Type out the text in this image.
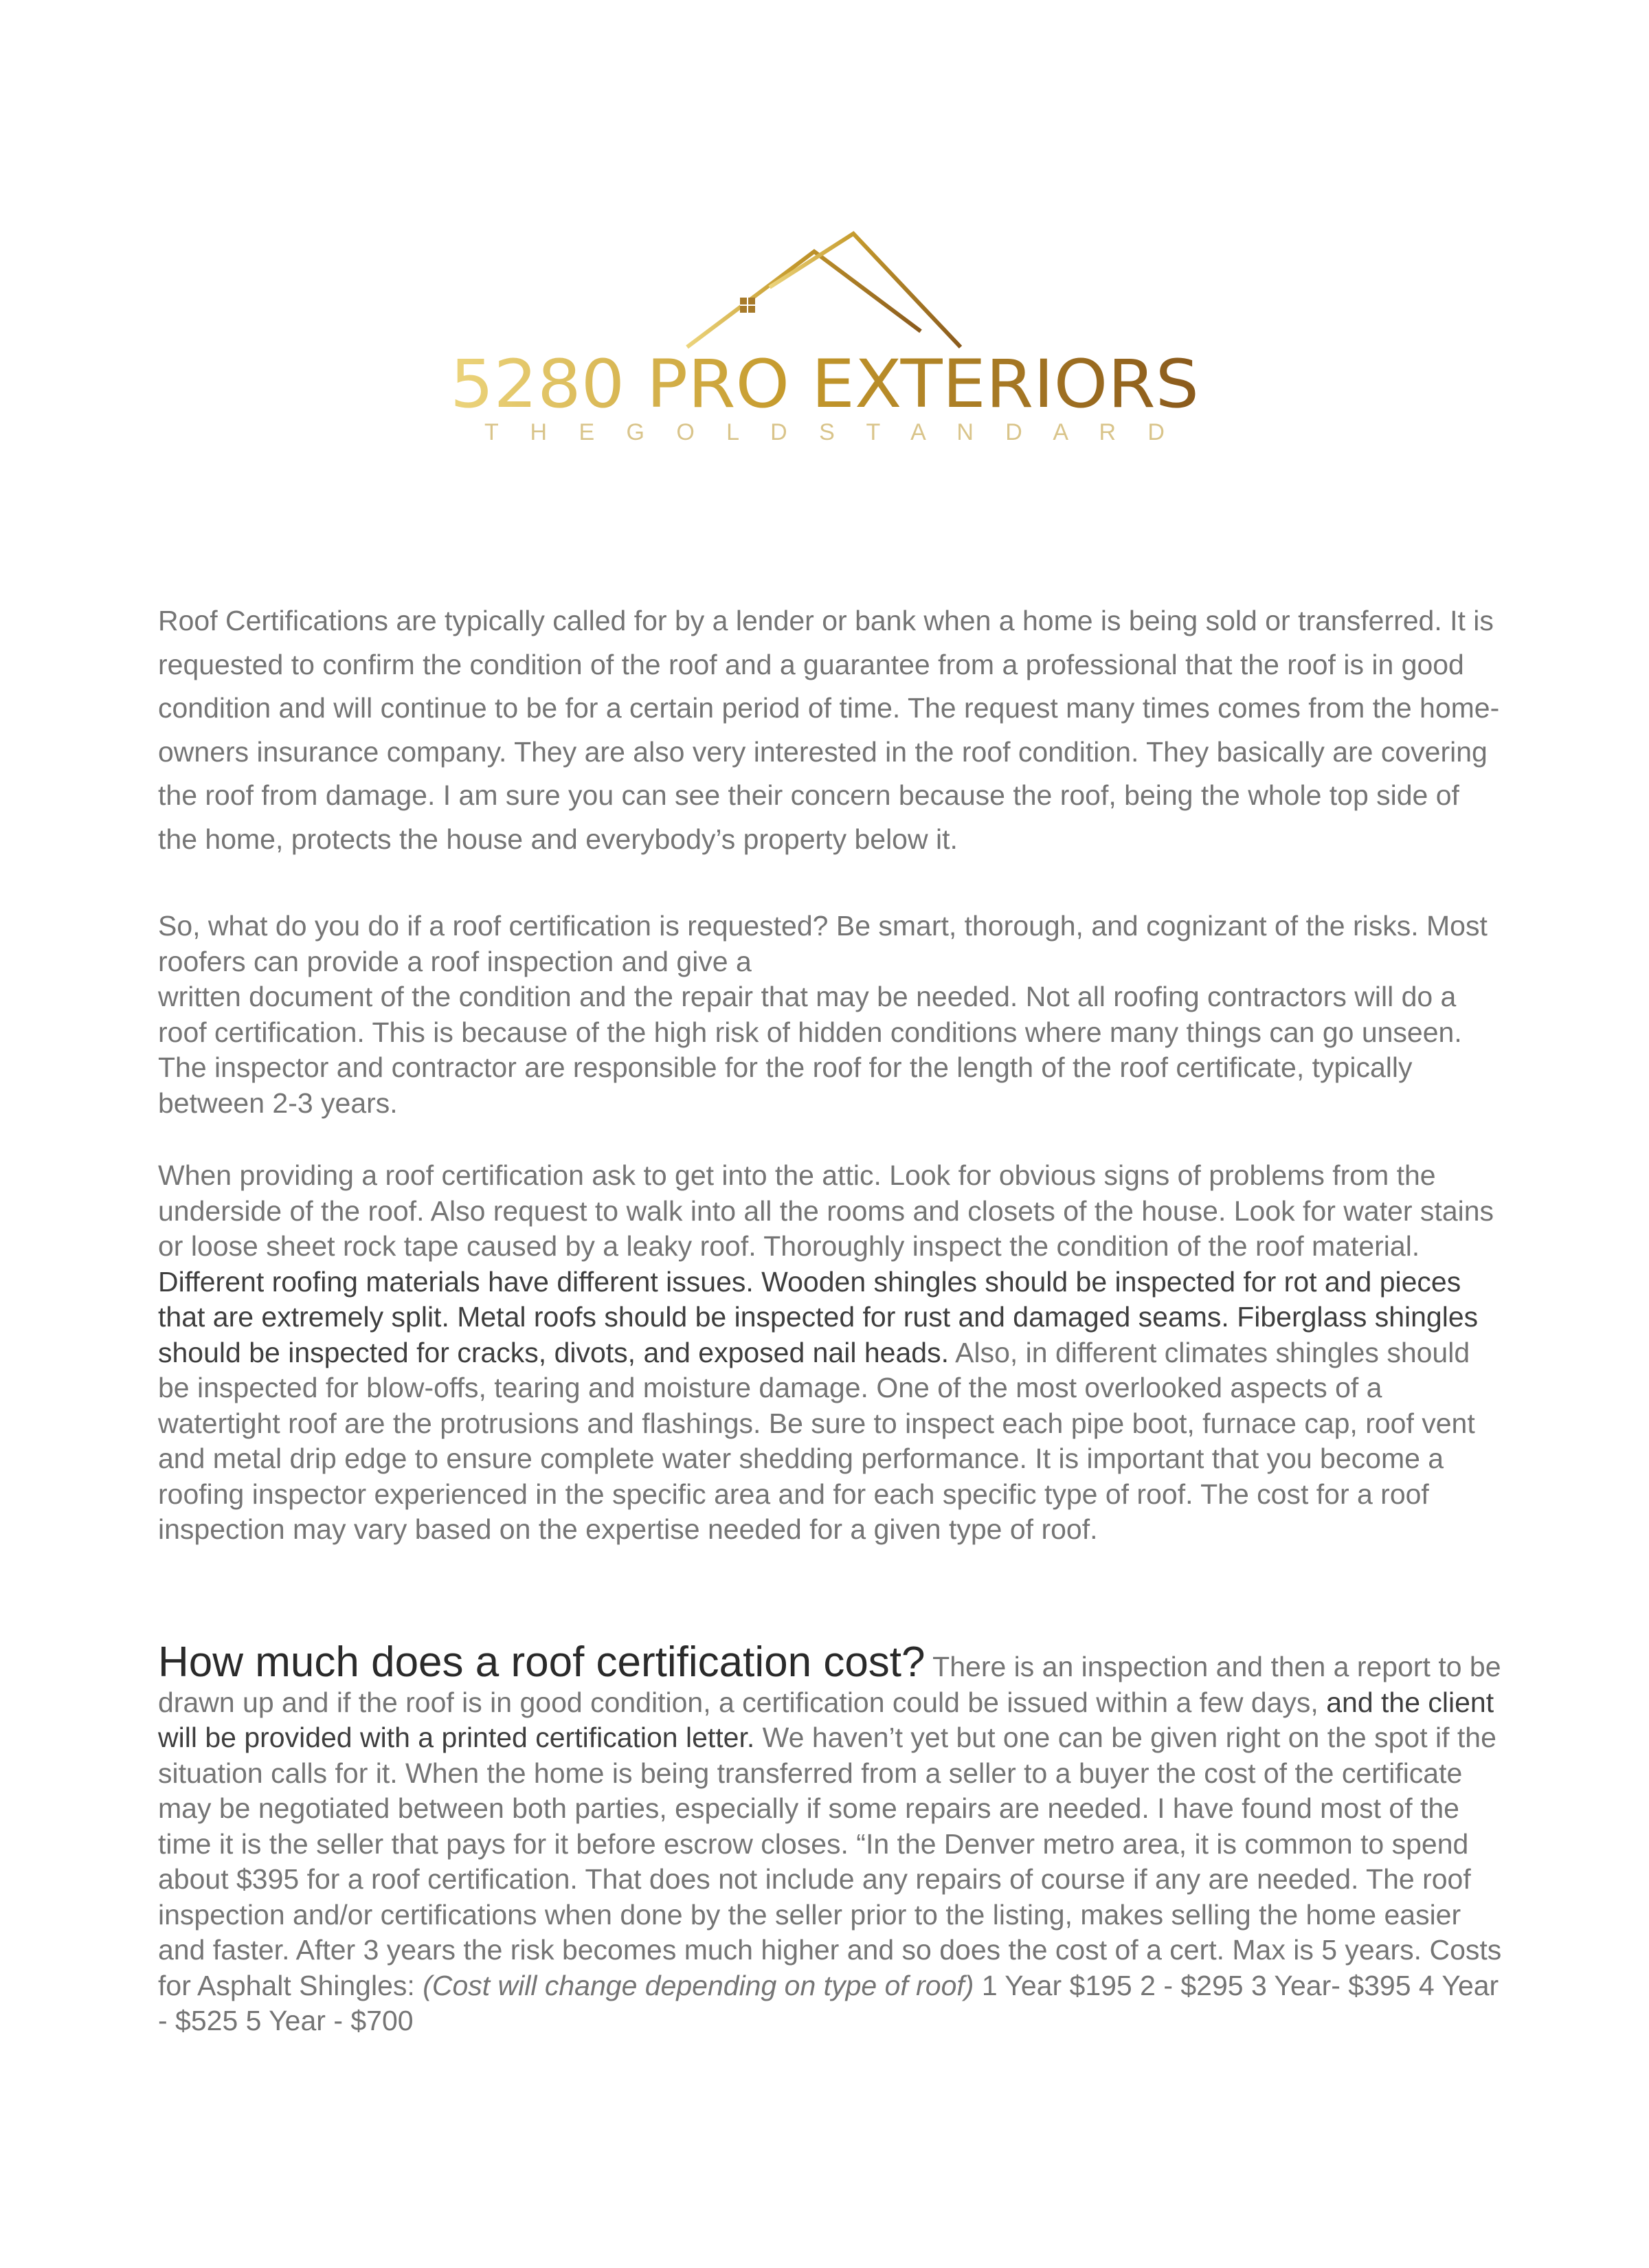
5280 PRO EXTERIORS
T H E G O L D S T A N D A R D

Roof Certifications are typically called for by a lender or bank when a home is being sold or transferred. It is requested to confirm the condition of the roof and a guarantee from a professional that the roof is in good condition and will continue to be for a certain period of time. The request many times comes from the home-owners insurance company. They are also very interested in the roof condition. They basically are covering the roof from damage. I am sure you can see their concern because the roof, being the whole top side of the home, protects the house and everybody’s property below it.

So, what do you do if a roof certification is requested? Be smart, thorough, and cognizant of the risks. Most roofers can provide a roof inspection and give a
written document of the condition and the repair that may be needed. Not all roofing contractors will do a roof certification. This is because of the high risk of hidden conditions where many things can go unseen. The inspector and contractor are responsible for the roof for the length of the roof certificate, typically between 2-3 years.

When providing a roof certification ask to get into the attic. Look for obvious signs of problems from the underside of the roof. Also request to walk into all the rooms and closets of the house. Look for water stains or loose sheet rock tape caused by a leaky roof. Thoroughly inspect the condition of the roof material. Different roofing materials have different issues. Wooden shingles should be inspected for rot and pieces that are extremely split. Metal roofs should be inspected for rust and damaged seams. Fiberglass shingles should be inspected for cracks, divots, and exposed nail heads. Also, in different climates shingles should be inspected for blow-offs, tearing and moisture damage. One of the most overlooked aspects of a watertight roof are the protrusions and flashings. Be sure to inspect each pipe boot, furnace cap, roof vent and metal drip edge to ensure complete water shedding performance. It is important that you become a roofing inspector experienced in the specific area and for each specific type of roof. The cost for a roof inspection may vary based on the expertise needed for a given type of roof.

How much does a roof certification cost? There is an inspection and then a report to be drawn up and if the roof is in good condition, a certification could be issued within a few days, and the client will be provided with a printed certification letter. We haven’t yet but one can be given right on the spot if the situation calls for it. When the home is being transferred from a seller to a buyer the cost of the certificate may be negotiated between both parties, especially if some repairs are needed. I have found most of the time it is the seller that pays for it before escrow closes. “In the Denver metro area, it is common to spend about $395 for a roof certification. That does not include any repairs of course if any are needed. The roof inspection and/or certifications when done by the seller prior to the listing, makes selling the home easier and faster. After 3 years the risk becomes much higher and so does the cost of a cert. Max is 5 years. Costs for Asphalt Shingles: (Cost will change depending on type of roof) 1 Year $195 2 - $295 3 Year- $395 4 Year - $525 5 Year - $700
